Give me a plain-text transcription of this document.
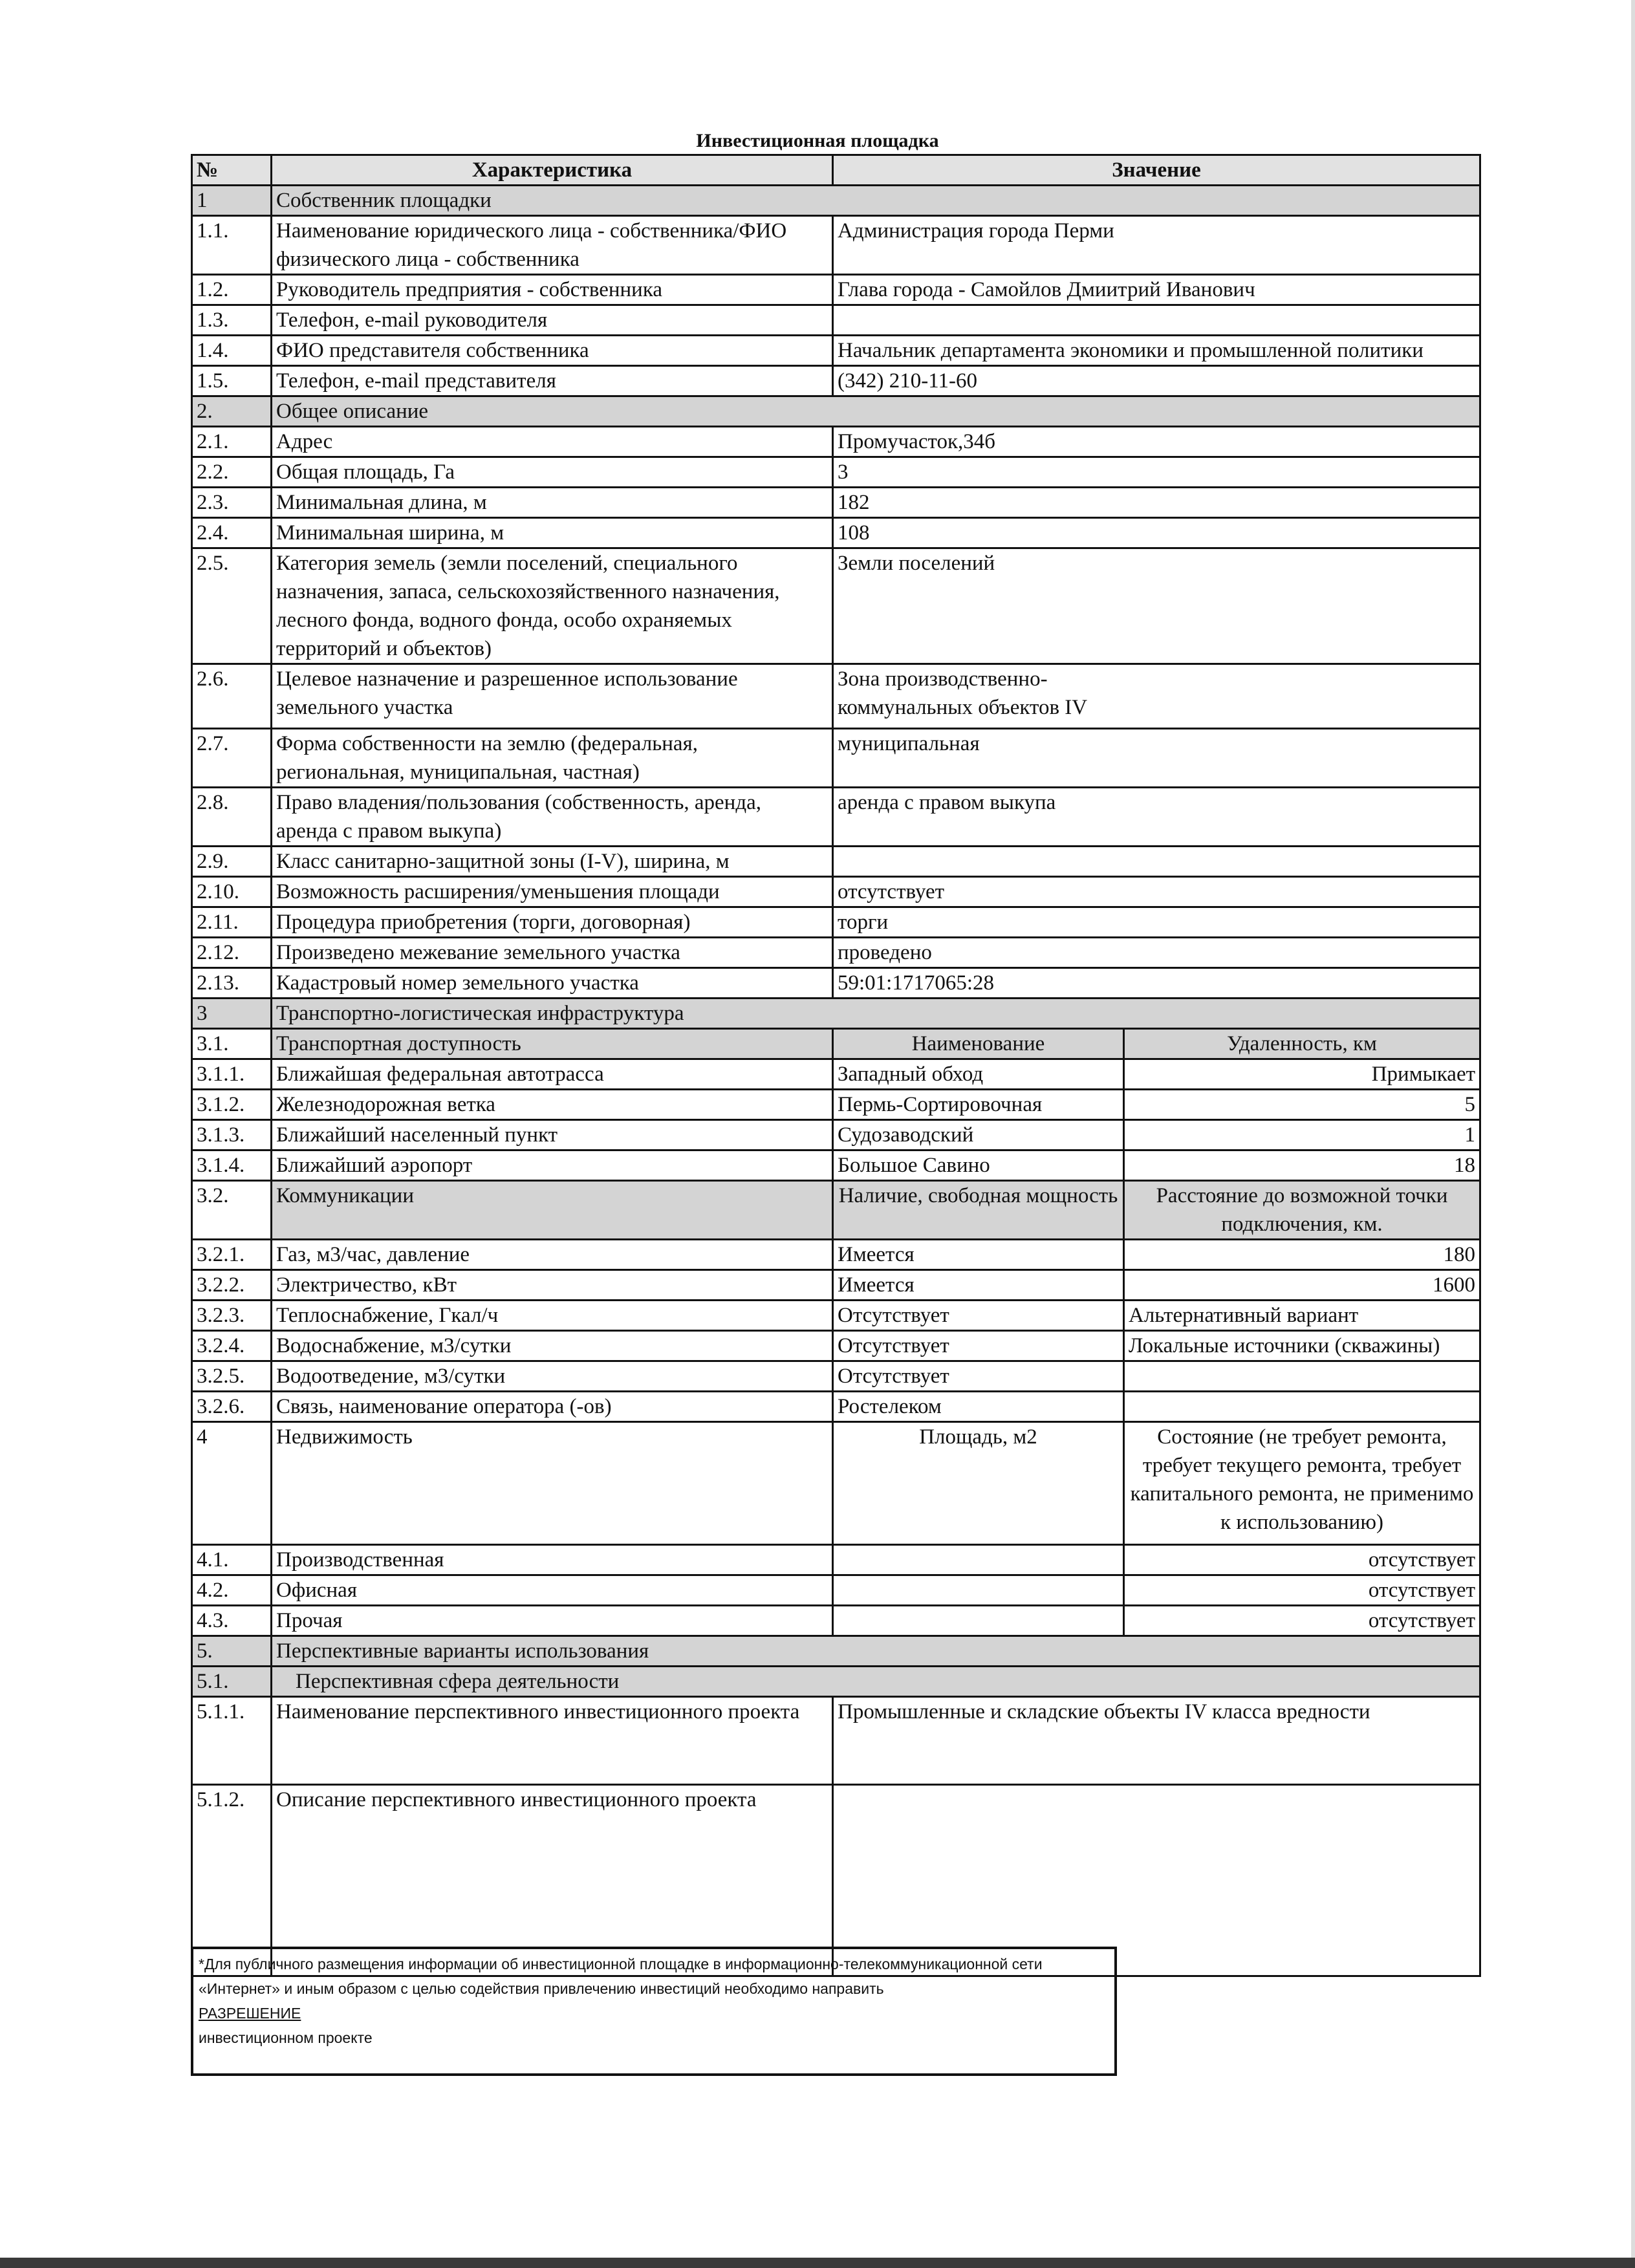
Инвестиционная площадка
№	Характеристика	Значение	
1	Собственник площадки		
1.1.	Наименование юридического лица - собственника/ФИО физического лица - собственника	Администрация города Перми	
1.2.	Руководитель предприятия - собственника	Глава города - Самойлов Дмиитрий Иванович	
1.3.	Телефон, e-mail руководителя		
1.4.	ФИО представителя собственника	Начальник департамента экономики и промышленной политики	
1.5.	Телефон, e-mail представителя	(342) 210-11-60	
2.	Общее описание		
2.1.	Адрес	Промучасток,34б	
2.2.	Общая площадь, Га	3	
2.3.	Минимальная длина, м	182	
2.4.	Минимальная ширина, м	108	
2.5.	Категория земель (земли поселений, специального назначения, запаса, сельскохозяйственного назначения, лесного фонда, водного фонда, особо охраняемых территорий и объектов)	Земли поселений	
2.6.	Целевое назначение и разрешенное использование земельного участка	Зона производственно-коммунальных объектов IV	
2.7.	Форма собственности на землю (федеральная, региональная, муниципальная, частная)	муниципальная	
2.8.	Право владения/пользования (собственность, аренда, аренда с правом выкупа)	аренда с правом выкупа	
2.9.	Класс санитарно-защитной зоны (I-V), ширина, м		
2.10.	Возможность расширения/уменьшения площади	отсутствует	
2.11.	Процедура приобретения (торги, договорная)	торги	
2.12.	Произведено межевание земельного участка	проведено	
2.13.	Кадастровый номер земельного участка	59:01:1717065:28	
3	Транспортно-логистическая инфраструктура		
3.1.	Транспортная доступность	Наименование	Удаленность, км
3.1.1.	Ближайшая федеральная автотрасса	Западный обход	Примыкает
3.1.2.	Железнодорожная ветка	Пермь-Сортировочная	5
3.1.3.	Ближайший населенный пункт	Судозаводский	1
3.1.4.	Ближайший аэропорт	Большое Савино	18
3.2.	Коммуникации	Наличие, свободная мощность	Расстояние до возможной точки подключения, км.
3.2.1.	Газ, м3/час, давление	Имеется	180
3.2.2.	Электричество, кВт	Имеется	1600
3.2.3.	Теплоснабжение, Гкал/ч	Отсутствует	Альтернативный вариант
3.2.4.	Водоснабжение, м3/сутки	Отсутствует	Локальные источники (скважины)
3.2.5.	Водоотведение, м3/сутки	Отсутствует	
3.2.6.	Связь, наименование оператора (-ов)	Ростелеком	
4	Недвижимость	Площадь, м2	Состояние (не требует ремонта, требует текущего ремонта, требует капитального ремонта, не применимо к использованию)
4.1.	Производственная		отсутствует
4.2.	Офисная		отсутствует
4.3.	Прочая		отсутствует
5.	Перспективные варианты использования		
5.1.	Перспективная сфера деятельности		
5.1.1.	Наименование перспективного инвестиционного проекта	Промышленные и складские объекты IV класса вредности	
5.1.2.	Описание перспективного инвестиционного проекта		
*Для публичного размещения информации об инвестиционной площадке в информационно-телекоммуникационной сети «Интернет» и иным образом с целью содействия привлечению инвестиций необходимо направить
РАЗРЕШЕНИЕ
инвестиционном проекте
